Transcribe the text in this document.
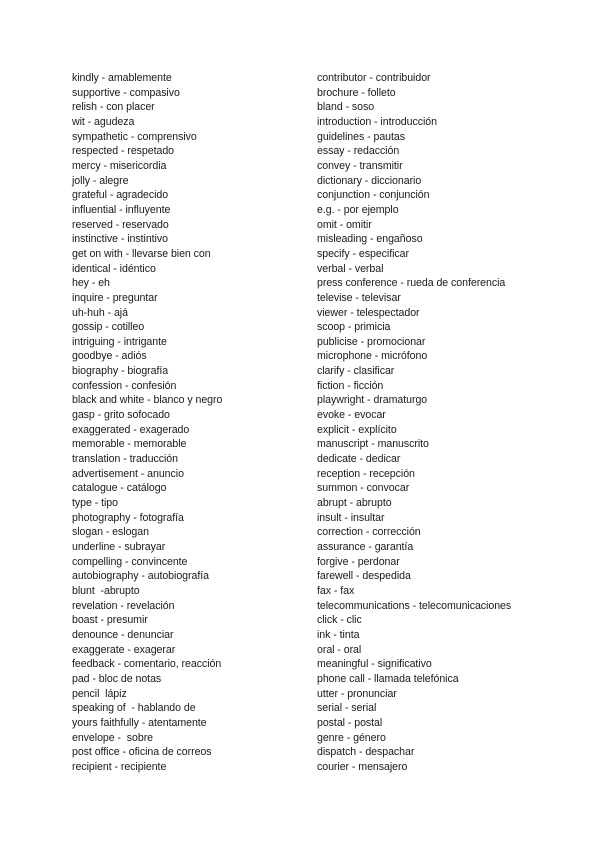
kindly - amablemente
supportive - compasivo
relish - con placer
wit - agudeza
sympathetic - comprensivo
respected - respetado
mercy - misericordia
jolly - alegre
grateful - agradecido
influential - influyente
reserved - reservado
instinctive - instintivo
get on with - llevarse bien con
identical - idéntico
hey - eh
inquire - preguntar
uh-huh - ajá
gossip - cotilleo
intriguing - intrigante
goodbye - adiós
biography - biografía
confession - confesión
black and white - blanco y negro
gasp - grito sofocado
exaggerated - exagerado
memorable - memorable
translation - traducción
advertisement - anuncio
catalogue - catálogo
type - tipo
photography - fotografía
slogan - eslogan
underline - subrayar
compelling - convincente
autobiography - autobiografía
blunt  -abrupto
revelation - revelación
boast - presumir
denounce - denunciar
exaggerate - exagerar
feedback - comentario, reacción
pad - bloc de notas
pencil  lápiz
speaking of  - hablando de
yours faithfully - atentamente
envelope -  sobre
post office - oficina de correos
recipient - recipiente
contributor - contribuidor
brochure - folleto
bland - soso
introduction - introducción
guidelines - pautas
essay - redacción
convey - transmitir
dictionary - diccionario
conjunction - conjunción
e.g. - por ejemplo
omit - omitir
misleading - engañoso
specify - especificar
verbal - verbal
press conference - rueda de conferencia
televise - televisar
viewer - telespectador
scoop - primicia
publicise - promocionar
microphone - micrófono
clarify - clasificar
fiction - ficción
playwright - dramaturgo
evoke - evocar
explicit - explícito
manuscript - manuscrito
dedicate - dedicar
reception - recepción
summon - convocar
abrupt - abrupto
insult - insultar
correction - corrección
assurance - garantía
forgive - perdonar
farewell - despedida
fax - fax
telecommunications - telecomunicaciones
click - clic
ink - tinta
oral - oral
meaningful - significativo
phone call - llamada telefónica
utter - pronunciar
serial - serial
postal - postal
genre - género
dispatch - despachar
courier - mensajero
